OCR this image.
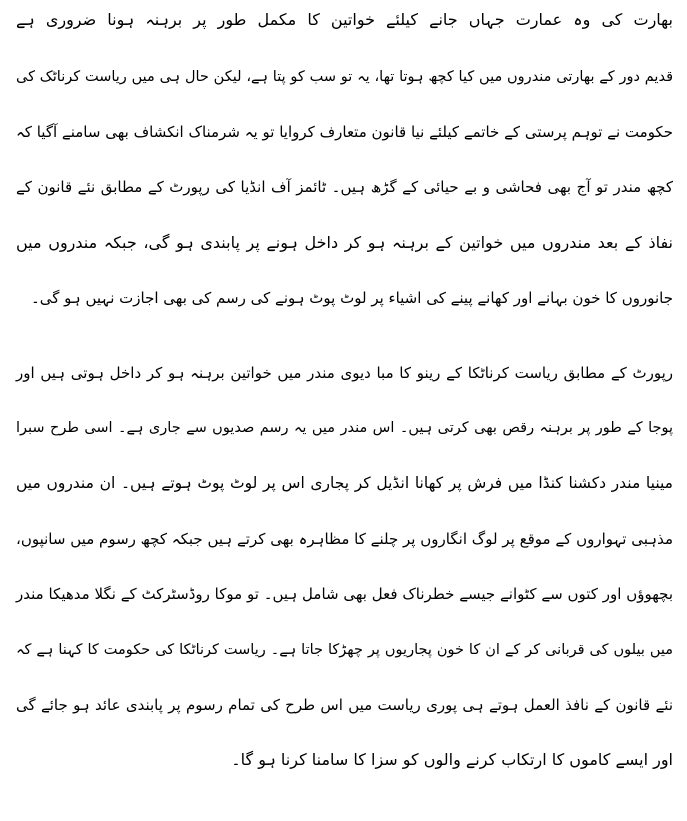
بھارت کی وہ عمارت جہاں جانے کیلئے خواتین کا مکمل طور پر برہنہ ہونا ضروری ہے
قدیم دور کے بھارتی مندروں میں کیا کچھ ہوتا تھا، یہ تو سب کو پتا ہے، لیکن حال ہی میں ریاست کرناٹک کی
حکومت نے توہم پرستی کے خاتمے کیلئے نیا قانون متعارف کروایا تو یہ شرمناک انکشاف بھی سامنے آگیا کہ
کچھ مندر تو آج بھی فحاشی و بے حیائی کے گڑھ ہیں۔ ٹائمز آف انڈیا کی رپورٹ کے مطابق نئے قانون کے
نفاذ کے بعد مندروں میں خواتین کے برہنہ ہو کر داخل ہونے پر پابندی ہو گی، جبکہ مندروں میں
جانوروں کا خون بہانے اور کھانے پینے کی اشیاء پر لوٹ پوٹ ہونے کی رسم کی بھی اجازت نہیں ہو گی۔
رپورٹ کے مطابق ریاست کرناٹکا کے رینو کا مبا دیوی مندر میں خواتین برہنہ ہو کر داخل ہوتی ہیں اور
پوجا کے طور پر برہنہ رقص بھی کرتی ہیں۔ اس مندر میں یہ رسم صدیوں سے جاری ہے۔ اسی طرح سبرا
مینیا مندر دکشنا کنڈا میں فرش پر کھانا انڈیل کر پجاری اس پر لوٹ پوٹ ہوتے ہیں۔ ان مندروں میں
مذہبی تہواروں کے موقع پر لوگ انگاروں پر چلنے کا مظاہرہ بھی کرتے ہیں جبکہ کچھ رسوم میں سانپوں،
بچھوؤں اور کتوں سے کٹوانے جیسے خطرناک فعل بھی شامل ہیں۔ تو موکا روڈسٹرکٹ کے نگلا مدھیکا مندر
میں بیلوں کی قربانی کر کے ان کا خون پجاریوں پر چھڑکا جاتا ہے۔ ریاست کرناٹکا کی حکومت کا کہنا ہے کہ
نئے قانون کے نافذ العمل ہوتے ہی پوری ریاست میں اس طرح کی تمام رسوم پر پابندی عائد ہو جائے گی
اور ایسے کاموں کا ارتکاب کرنے والوں کو سزا کا سامنا کرنا ہو گا۔
